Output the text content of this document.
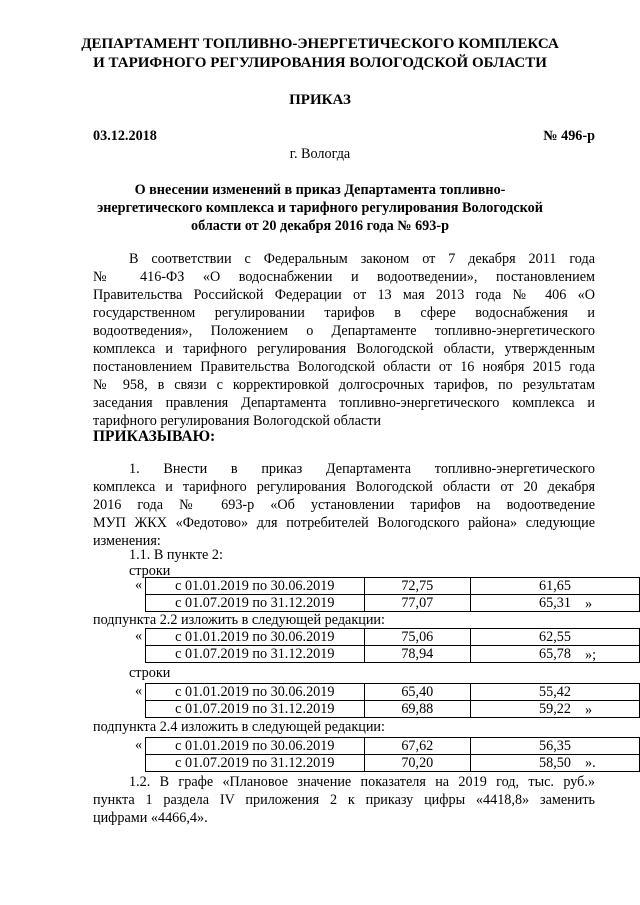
ДЕПАРТАМЕНТ ТОПЛИВНО-ЭНЕРГЕТИЧЕСКОГО КОМПЛЕКСА
И ТАРИФНОГО РЕГУЛИРОВАНИЯ ВОЛОГОДСКОЙ ОБЛАСТИ
ПРИКАЗ
03.12.2018	№ 496-р
г. Вологда
О внесении изменений в приказ Департамента топливно-
энергетического комплекса и тарифного регулирования Вологодской
области от 20 декабря 2016 года № 693-р
В соответствии с Федеральным законом от 7 декабря 2011 года
№ 416-ФЗ «О водоснабжении и водоотведении», постановлением
Правительства Российской Федерации от 13 мая 2013 года № 406 «О
государственном регулировании тарифов в сфере водоснабжения и
водоотведения», Положением о Департаменте топливно-энергетического
комплекса и тарифного регулирования Вологодской области, утвержденным
постановлением Правительства Вологодской области от 16 ноября 2015 года
№ 958, в связи с корректировкой долгосрочных тарифов, по результатам
заседания правления Департамента топливно-энергетического комплекса и
тарифного регулирования Вологодской области
ПРИКАЗЫВАЮ:
1. Внести в приказ Департамента топливно-энергетического
комплекса и тарифного регулирования Вологодской области от 20 декабря
2016 года № 693-р «Об установлении тарифов на водоотведение
МУП ЖКХ «Федотово» для потребителей Вологодского района» следующие
изменения:
1.1. В пункте 2:
строки
« с 01.01.2019 по 30.06.2019	72,75	61,65
с 01.07.2019 по 31.12.2019	77,07	65,31 »
подпункта 2.2 изложить в следующей редакции:
« с 01.01.2019 по 30.06.2019	75,06	62,55
с 01.07.2019 по 31.12.2019	78,94	65,78 »;
строки
« с 01.01.2019 по 30.06.2019	65,40	55,42
с 01.07.2019 по 31.12.2019	69,88	59,22 »
подпункта 2.4 изложить в следующей редакции:
« с 01.01.2019 по 30.06.2019	67,62	56,35
с 01.07.2019 по 31.12.2019	70,20	58,50 ».
1.2. В графе «Плановое значение показателя на 2019 год, тыс. руб.»
пункта 1 раздела IV приложения 2 к приказу цифры «4418,8» заменить
цифрами «4466,4».
